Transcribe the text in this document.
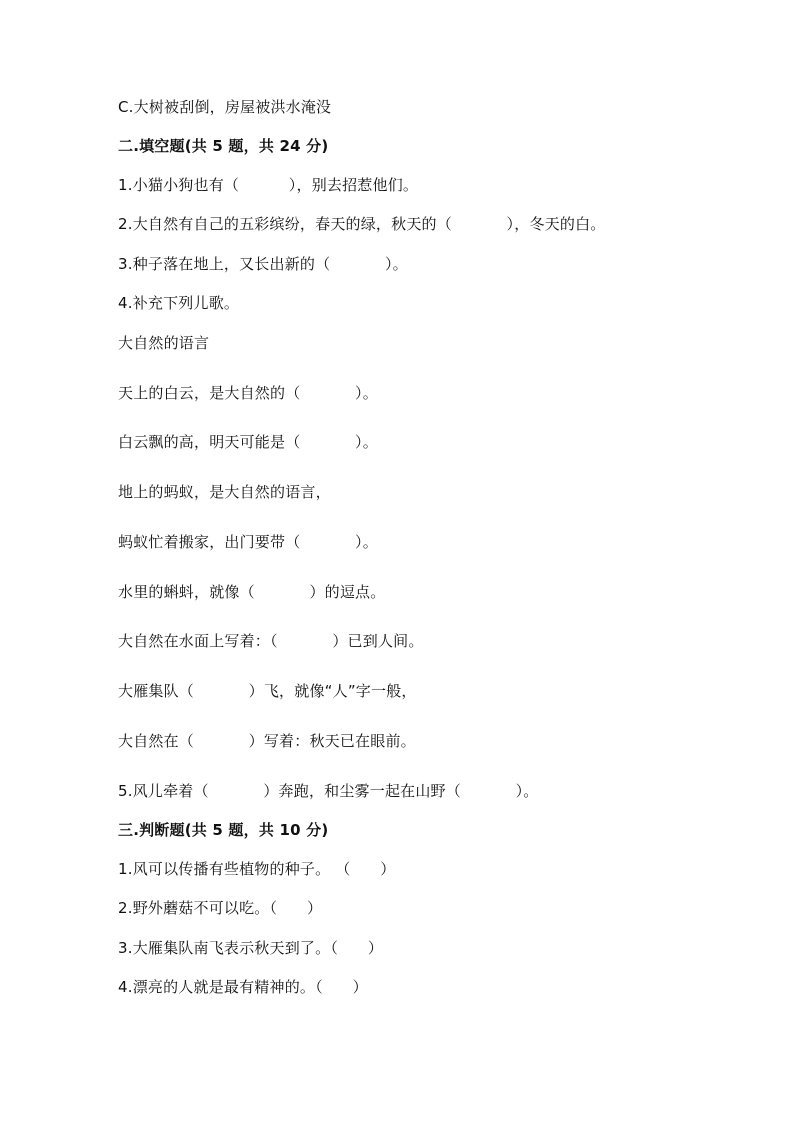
C.大树被刮倒，房屋被洪水淹没
二.填空题(共 5 题，共 24 分)
1.小猫小狗也有（          ），别去招惹他们。
2.大自然有自己的五彩缤纷，春天的绿，秋天的（           ），冬天的白。
3.种子落在地上，又长出新的（           ）。
4.补充下列儿歌。
大自然的语言
天上的白云，是大自然的（           ）。
白云飘的高，明天可能是（           ）。
地上的蚂蚁，是大自然的语言，
蚂蚁忙着搬家，出门要带（           ）。
水里的蝌蚪，就像（           ）的逗点。
大自然在水面上写着：（           ）已到人间。
大雁集队（           ）飞，就像“人”字一般，
大自然在（           ）写着：秋天已在眼前。
5.风儿牵着（           ）奔跑，和尘雾一起在山野（           ）。
三.判断题(共 5 题，共 10 分)
1.风可以传播有些植物的种子。 （      ）
2.野外蘑菇不可以吃。（      ）
3.大雁集队南飞表示秋天到了。（      ）
4.漂亮的人就是最有精神的。（      ）
